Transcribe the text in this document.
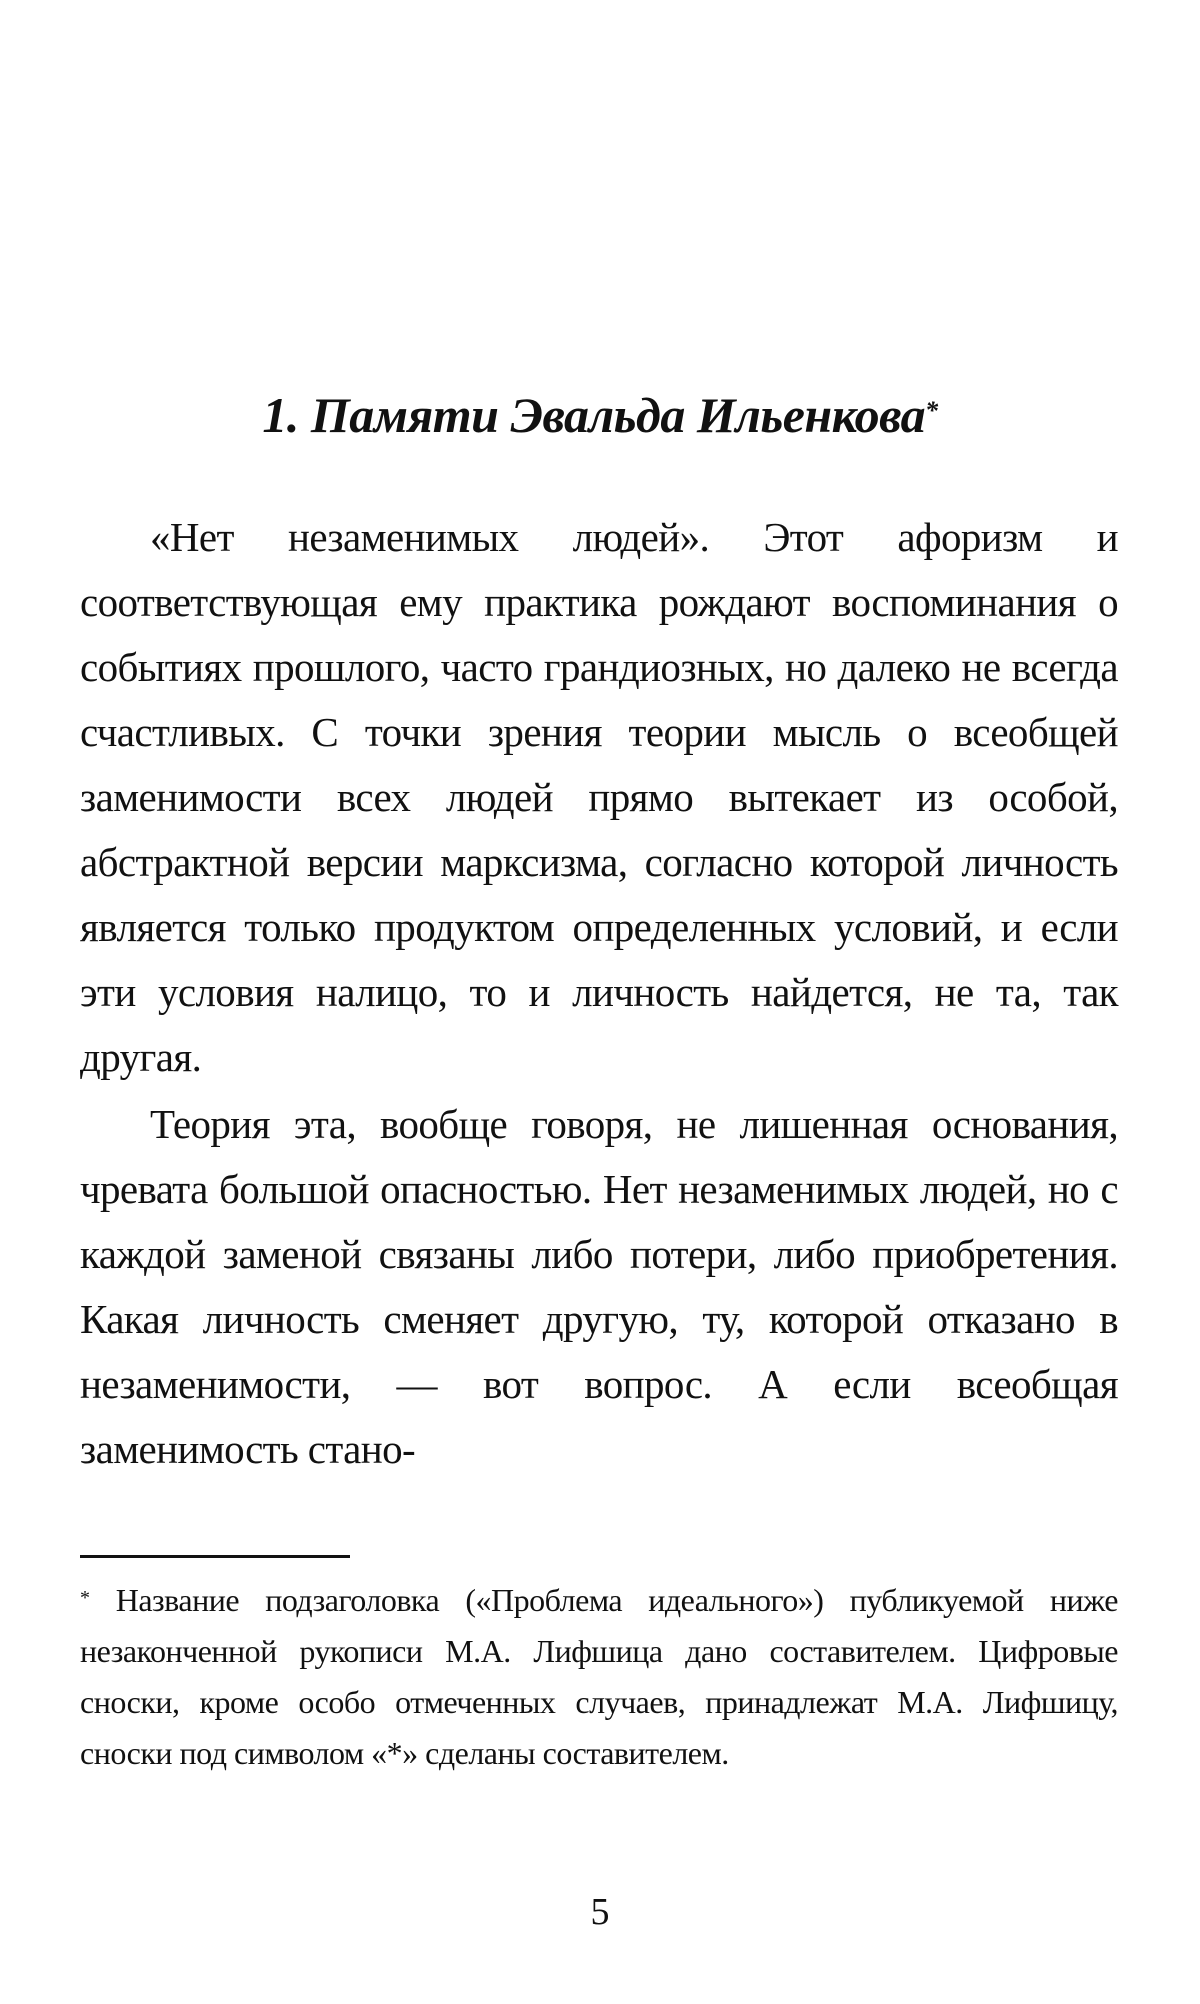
1. Памяти Эвальда Ильенкова*

«Нет незаменимых людей». Этот афоризм и соответствующая ему практика рождают воспоминания о событиях прошлого, часто грандиозных, но далеко не всегда счастливых. С точки зрения теории мысль о всеобщей заменимости всех людей прямо вытекает из особой, абстрактной версии марксизма, согласно которой личность является только продуктом определенных условий, и если эти условия налицо, то и личность найдется, не та, так другая.

Теория эта, вообще говоря, не лишенная основания, чревата большой опасностью. Нет незаменимых людей, но с каждой заменой связаны либо потери, либо приобретения. Какая личность сменяет другую, ту, которой отказано в незаменимости, — вот вопрос. А если всеобщая заменимость стано-

* Название подзаголовка («Проблема идеального») публикуемой ниже незаконченной рукописи М.А. Лифшица дано составителем. Цифровые сноски, кроме особо отмеченных случаев, принадлежат М.А. Лифшицу, сноски под символом «*» сделаны составителем.

5
